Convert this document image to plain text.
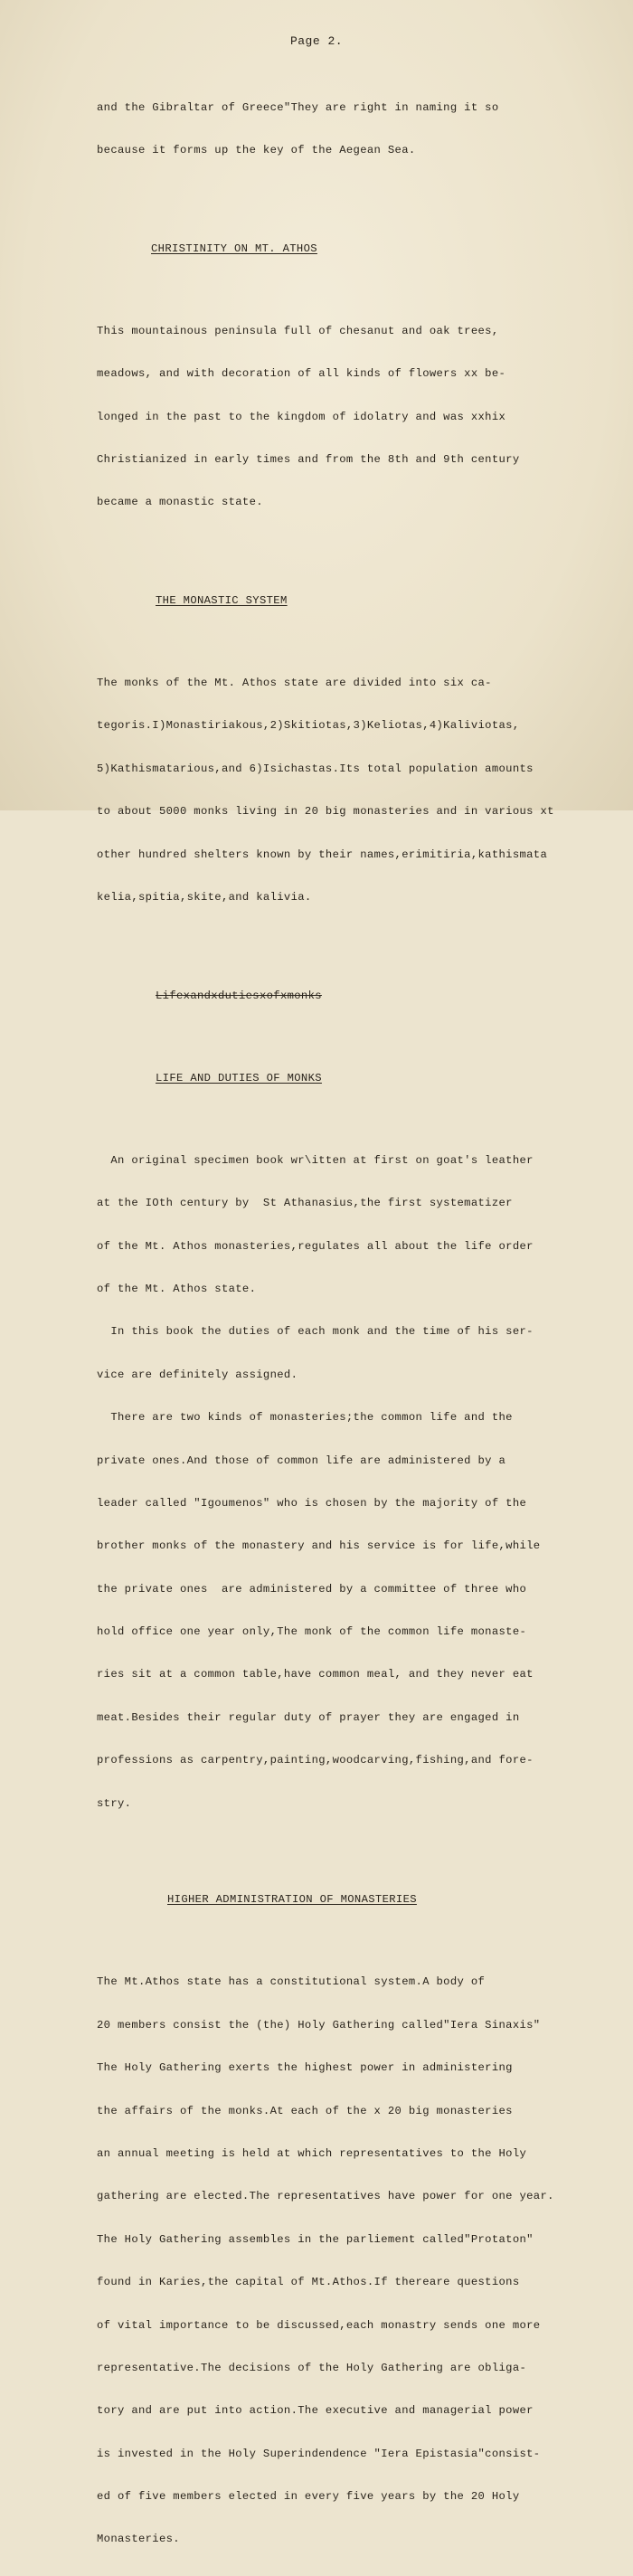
Page 2.

and the Gibraltar of Greece"They are right in naming it so

because it forms up the key of the Aegean Sea.

CHRISTINITY ON MT. ATHOS

This mountainous peninsula full of chesanut and oak trees,

meadows, and with decoration of all kinds of flowers xx be-

longed in the past to the kingdom of idolatry and was xxhix

Christianized in early times and from the 8th and 9th century

became a monastic state.

THE MONASTIC SYSTEM

The monks of the Mt. Athos state are divided into six ca-

tegoris.I)Monastiriakous,2)Skitiotas,3)Keliotas,4)Kaliviotas,

5)Kathismatarious,and 6)Isichastas.Its total population amounts

to about 5000 monks living in 20 big monasteries and in various xt

other hundred shelters known by their names,erimitiria,kathismata

kelia,spitia,skite,and kalivia.

Lifexandxdutiesxofxmonks

LIFE AND DUTIES OF MONKS

An original specimen book wr\itten at first on goat's leather

at the IOth century by  St Athanasius,the first systematizer

of the Mt. Athos monasteries,regulates all about the life order

of the Mt. Athos state.

In this book the duties of each monk and the time of his ser-

vice are definitely assigned.

There are two kinds of monasteries;the common life and the

private ones.And those of common life are administered by a

leader called "Igoumenos" who is chosen by the majority of the

brother monks of the monastery and his service is for life,while

the private ones  are administered by a committee of three who

hold office one year only,The monk of the common life monaste-

ries sit at a common table,have common meal, and they never eat

meat.Besides their regular duty of prayer they are engaged in

professions as carpentry,painting,woodcarving,fishing,and fore-

stry.

HIGHER ADMINISTRATION OF MONASTERIES

The Mt.Athos state has a constitutional system.A body of

20 members consist the (the) Holy Gathering called"Iera Sinaxis"

The Holy Gathering exerts the highest power in administering

the affairs of the monks.At each of the x 20 big monasteries

an annual meeting is held at which representatives to the Holy

gathering are elected.The representatives have power for one year.

The Holy Gathering assembles in the parliement called"Protaton"

found in Karies,the capital of Mt.Athos.If thereare questions

of vital importance to be discussed,each monastry sends one more

representative.The decisions of the Holy Gathering are obliga-

tory and are put into action.The executive and managerial power

is invested in the Holy Superindendence "Iera Epistasia"consist-

ed of five members elected in every five years by the 20 Holy

Monasteries.
